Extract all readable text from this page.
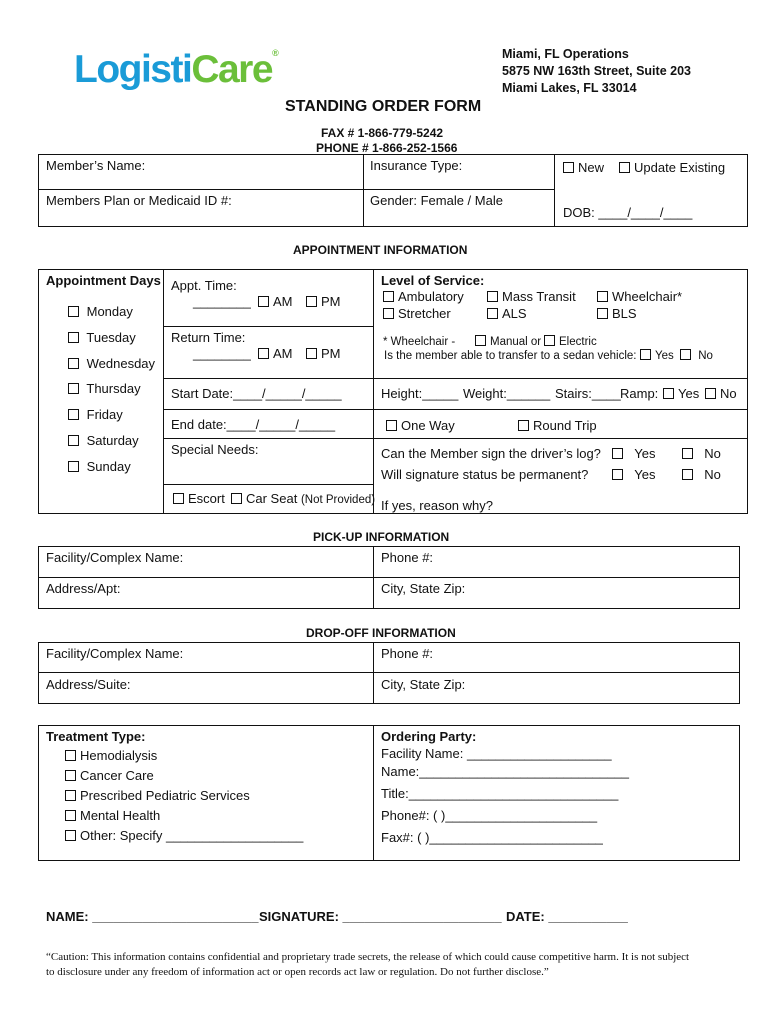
LogistiCare®	Miami, FL Operations
5875 NW 163th Street, Suite 203
Miami Lakes, FL 33014
STANDING ORDER FORM
FAX # 1-866-779-5242
PHONE # 1-866-252-1566
Member’s Name:	Insurance Type:	New	Update Existing
Members Plan or Medicaid ID #:	Gender: Female / Male
DOB: ____/____/____
APPOINTMENT INFORMATION
Appointment Days
Monday
Tuesday
Wednesday
Thursday
Friday
Saturday
Sunday
Appt. Time:
________	AM	PM
Return Time:
________	AM	PM
Start Date:____/_____/_____
End date:____/_____/_____
Special Needs:
Escort	Car Seat (Not Provided)
Level of Service:
Ambulatory	Mass Transit	Wheelchair*
Stretcher	ALS	BLS
* Wheelchair -	Manual or	Electric
Is the member able to transfer to a sedan vehicle:	Yes	No
Height:_____ Weight:______ Stairs:____ Ramp:	Yes	No
One Way	Round Trip
Can the Member sign the driver’s log?	Yes	No
Will signature status be permanent?	Yes	No
If yes, reason why?
PICK-UP INFORMATION
Facility/Complex Name:	Phone #:
Address/Apt:	City, State Zip:
DROP-OFF INFORMATION
Facility/Complex Name:	Phone #:
Address/Suite:	City, State Zip:
Treatment Type:
Hemodialysis
Cancer Care
Prescribed Pediatric Services
Mental Health
Other: Specify ___________________
Ordering Party:
Facility Name: ____________________
Name:_____________________________
Title:_____________________________
Phone#: ( )_____________________
Fax#: ( )________________________
NAME: _______________________ SIGNATURE: ______________________ DATE: ___________
“Caution: This information contains confidential and proprietary trade secrets, the release of which could cause competitive harm. It is not subject
to disclosure under any freedom of information act or open records act law or regulation. Do not further disclose.”
